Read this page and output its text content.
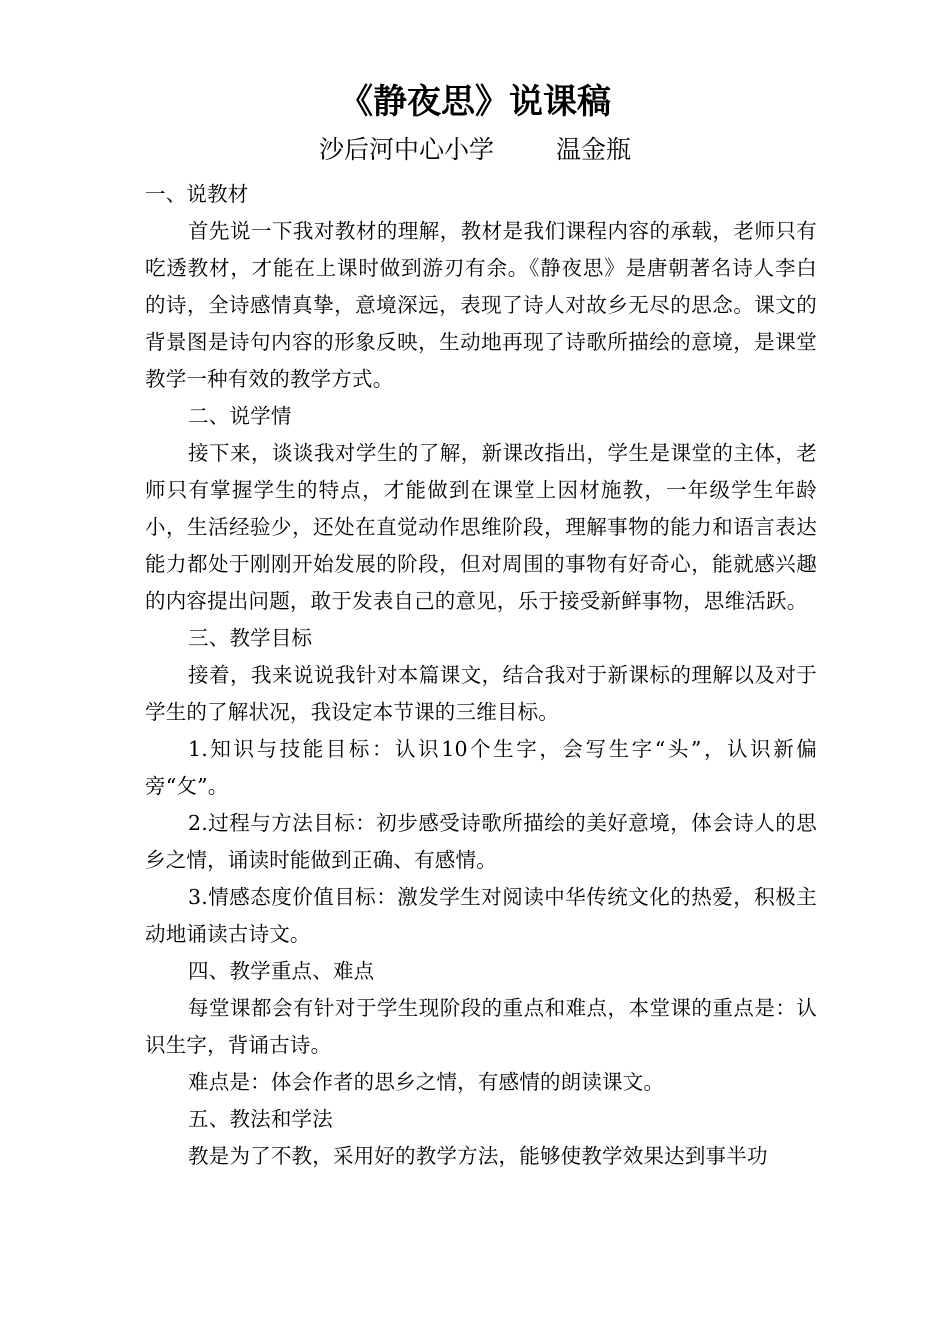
《静夜思》说课稿
沙后河中心小学 温金瓶

一、说教材

首先说一下我对教材的理解，教材是我们课程内容的承载，老师只有吃透教材，才能在上课时做到游刃有余。《静夜思》是唐朝著名诗人李白的诗，全诗感情真挚，意境深远，表现了诗人对故乡无尽的思念。课文的背景图是诗句内容的形象反映，生动地再现了诗歌所描绘的意境，是课堂教学一种有效的教学方式。

二、说学情

接下来，谈谈我对学生的了解，新课改指出，学生是课堂的主体，老师只有掌握学生的特点，才能做到在课堂上因材施教，一年级学生年龄小，生活经验少，还处在直觉动作思维阶段，理解事物的能力和语言表达能力都处于刚刚开始发展的阶段，但对周围的事物有好奇心，能就感兴趣的内容提出问题，敢于发表自己的意见，乐于接受新鲜事物，思维活跃。

三、教学目标

接着，我来说说我针对本篇课文，结合我对于新课标的理解以及对于学生的了解状况，我设定本节课的三维目标。

1.知识与技能目标：认识10个生字，会写生字“头”，认识新偏旁“攵”。

2.过程与方法目标：初步感受诗歌所描绘的美好意境，体会诗人的思乡之情，诵读时能做到正确、有感情。

3.情感态度价值目标：激发学生对阅读中华传统文化的热爱，积极主动地诵读古诗文。

四、教学重点、难点

每堂课都会有针对于学生现阶段的重点和难点，本堂课的重点是：认识生字，背诵古诗。

难点是：体会作者的思乡之情，有感情的朗读课文。

五、教法和学法

教是为了不教，采用好的教学方法，能够使教学效果达到事半功
